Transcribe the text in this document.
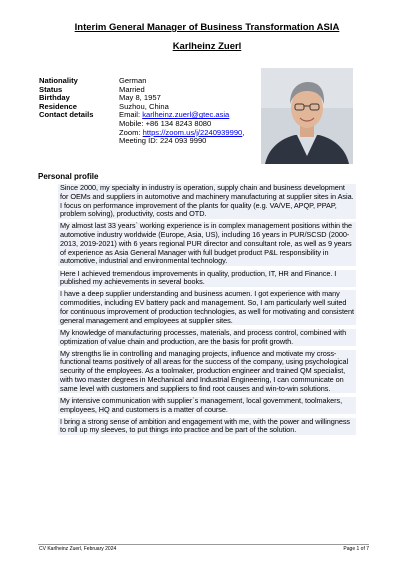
Interim General Manager of Business Transformation ASIA
Karlheinz Zuerl
Nationality	German
Status	Married
Birthday	May 8, 1957
Residence	Suzhou, China
Contact details	Email: karlheinz.zuerl@gtec.asia
Mobile: +86 134 8243 8080
Zoom: https://zoom.us/j/2240939990,
Meeting ID: 224 093 9990
Personal profile
Since 2000, my specialty in industry is operation, supply chain and business development for OEMs and suppliers in automotive and machinery manufacturing at supplier sites in Asia. I focus on performance improvement of the plants for quality (e.g. VA/VE, APQP, PPAP, problem solving), productivity, costs and OTD.
My almost last 33 years` working experience is in complex management positions within the automotive industry worldwide (Europe, Asia, US), including 16 years in PUR/SCSD (2000-2013, 2019-2021) with 6 years regional PUR director and consultant role, as well as 9 years of experience as Asia General Manager with full budget product P&L responsibility in automotive, industrial and environmental technology.
Here I achieved tremendous improvements in quality, production, IT, HR and Finance. I published my achievements in several books.
I have a deep supplier understanding and business acumen. I got experience with many commodities, including EV battery pack and management. So, I am particularly well suited for continuous improvement of production technologies, as well for motivating and consistent general management and employees at supplier sites.
My knowledge of manufacturing processes, materials, and process control, combined with optimization of value chain and production, are the basis for profit growth.
My strengths lie in controlling and managing projects, influence and motivate my cross-functional teams positively of all areas for the success of the company, using psychological security of the employees. As a toolmaker, production engineer and trained QM specialist, with two master degrees in Mechanical and Industrial Engineering, I can communicate on same level with customers and suppliers to find root causes and win-to-win solutions.
My intensive communication with supplier`s management, local government, toolmakers, employees, HQ and customers is a matter of course.
I bring a strong sense of ambition and engagement with me, with the power and willingness to roll up my sleeves, to put things into practice and be part of the solution.
CV Karlheinz Zuerl, February 2024	Page 1 of 7
